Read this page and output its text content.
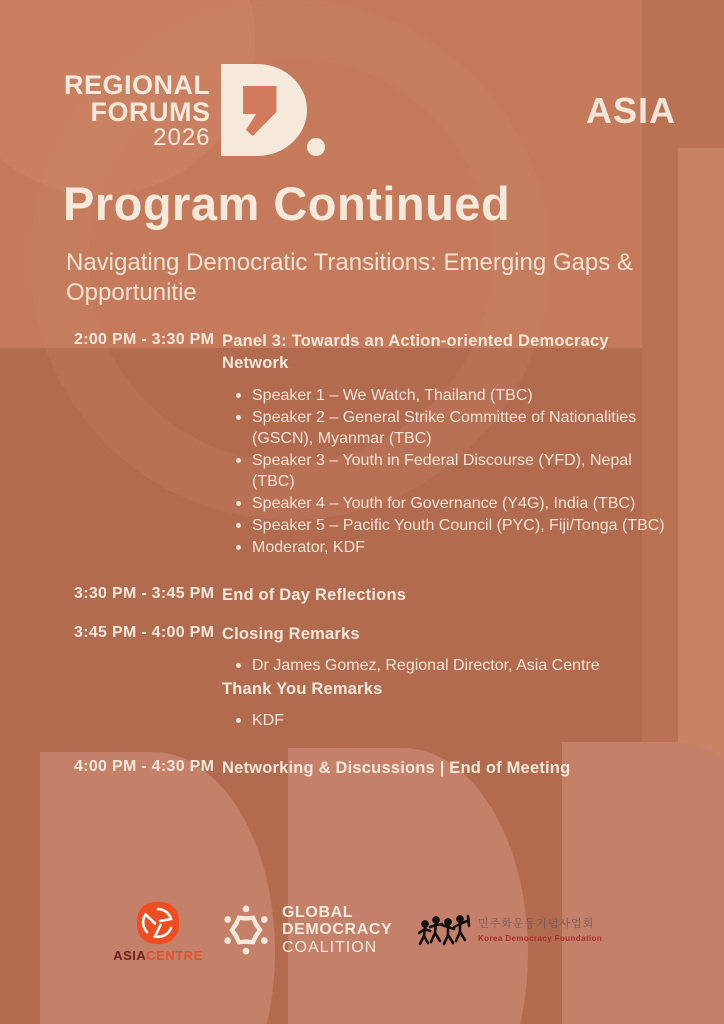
REGIONAL
FORUMS
2026
ASIA
Program Continued
Navigating Democratic Transitions: Emerging Gaps & Opportunitie
2:00 PM - 3:30 PM Panel 3: Towards an Action-oriented Democracy Network
Speaker 1 – We Watch, Thailand (TBC)
Speaker 2 – General Strike Committee of Nationalities (GSCN), Myanmar (TBC)
Speaker 3 – Youth in Federal Discourse (YFD), Nepal (TBC)
Speaker 4 – Youth for Governance (Y4G), India (TBC)
Speaker 5 – Pacific Youth Council (PYC), Fiji/Tonga (TBC)
Moderator, KDF
3:30 PM - 3:45 PM End of Day Reflections
3:45 PM - 4:00 PM Closing Remarks
Dr James Gomez, Regional Director, Asia Centre
Thank You Remarks
KDF
4:00 PM - 4:30 PM Networking & Discussions | End of Meeting
ASIACENTRE
GLOBAL
DEMOCRACY
COALITION
민주화운동기념사업회
Korea Democracy Foundation
